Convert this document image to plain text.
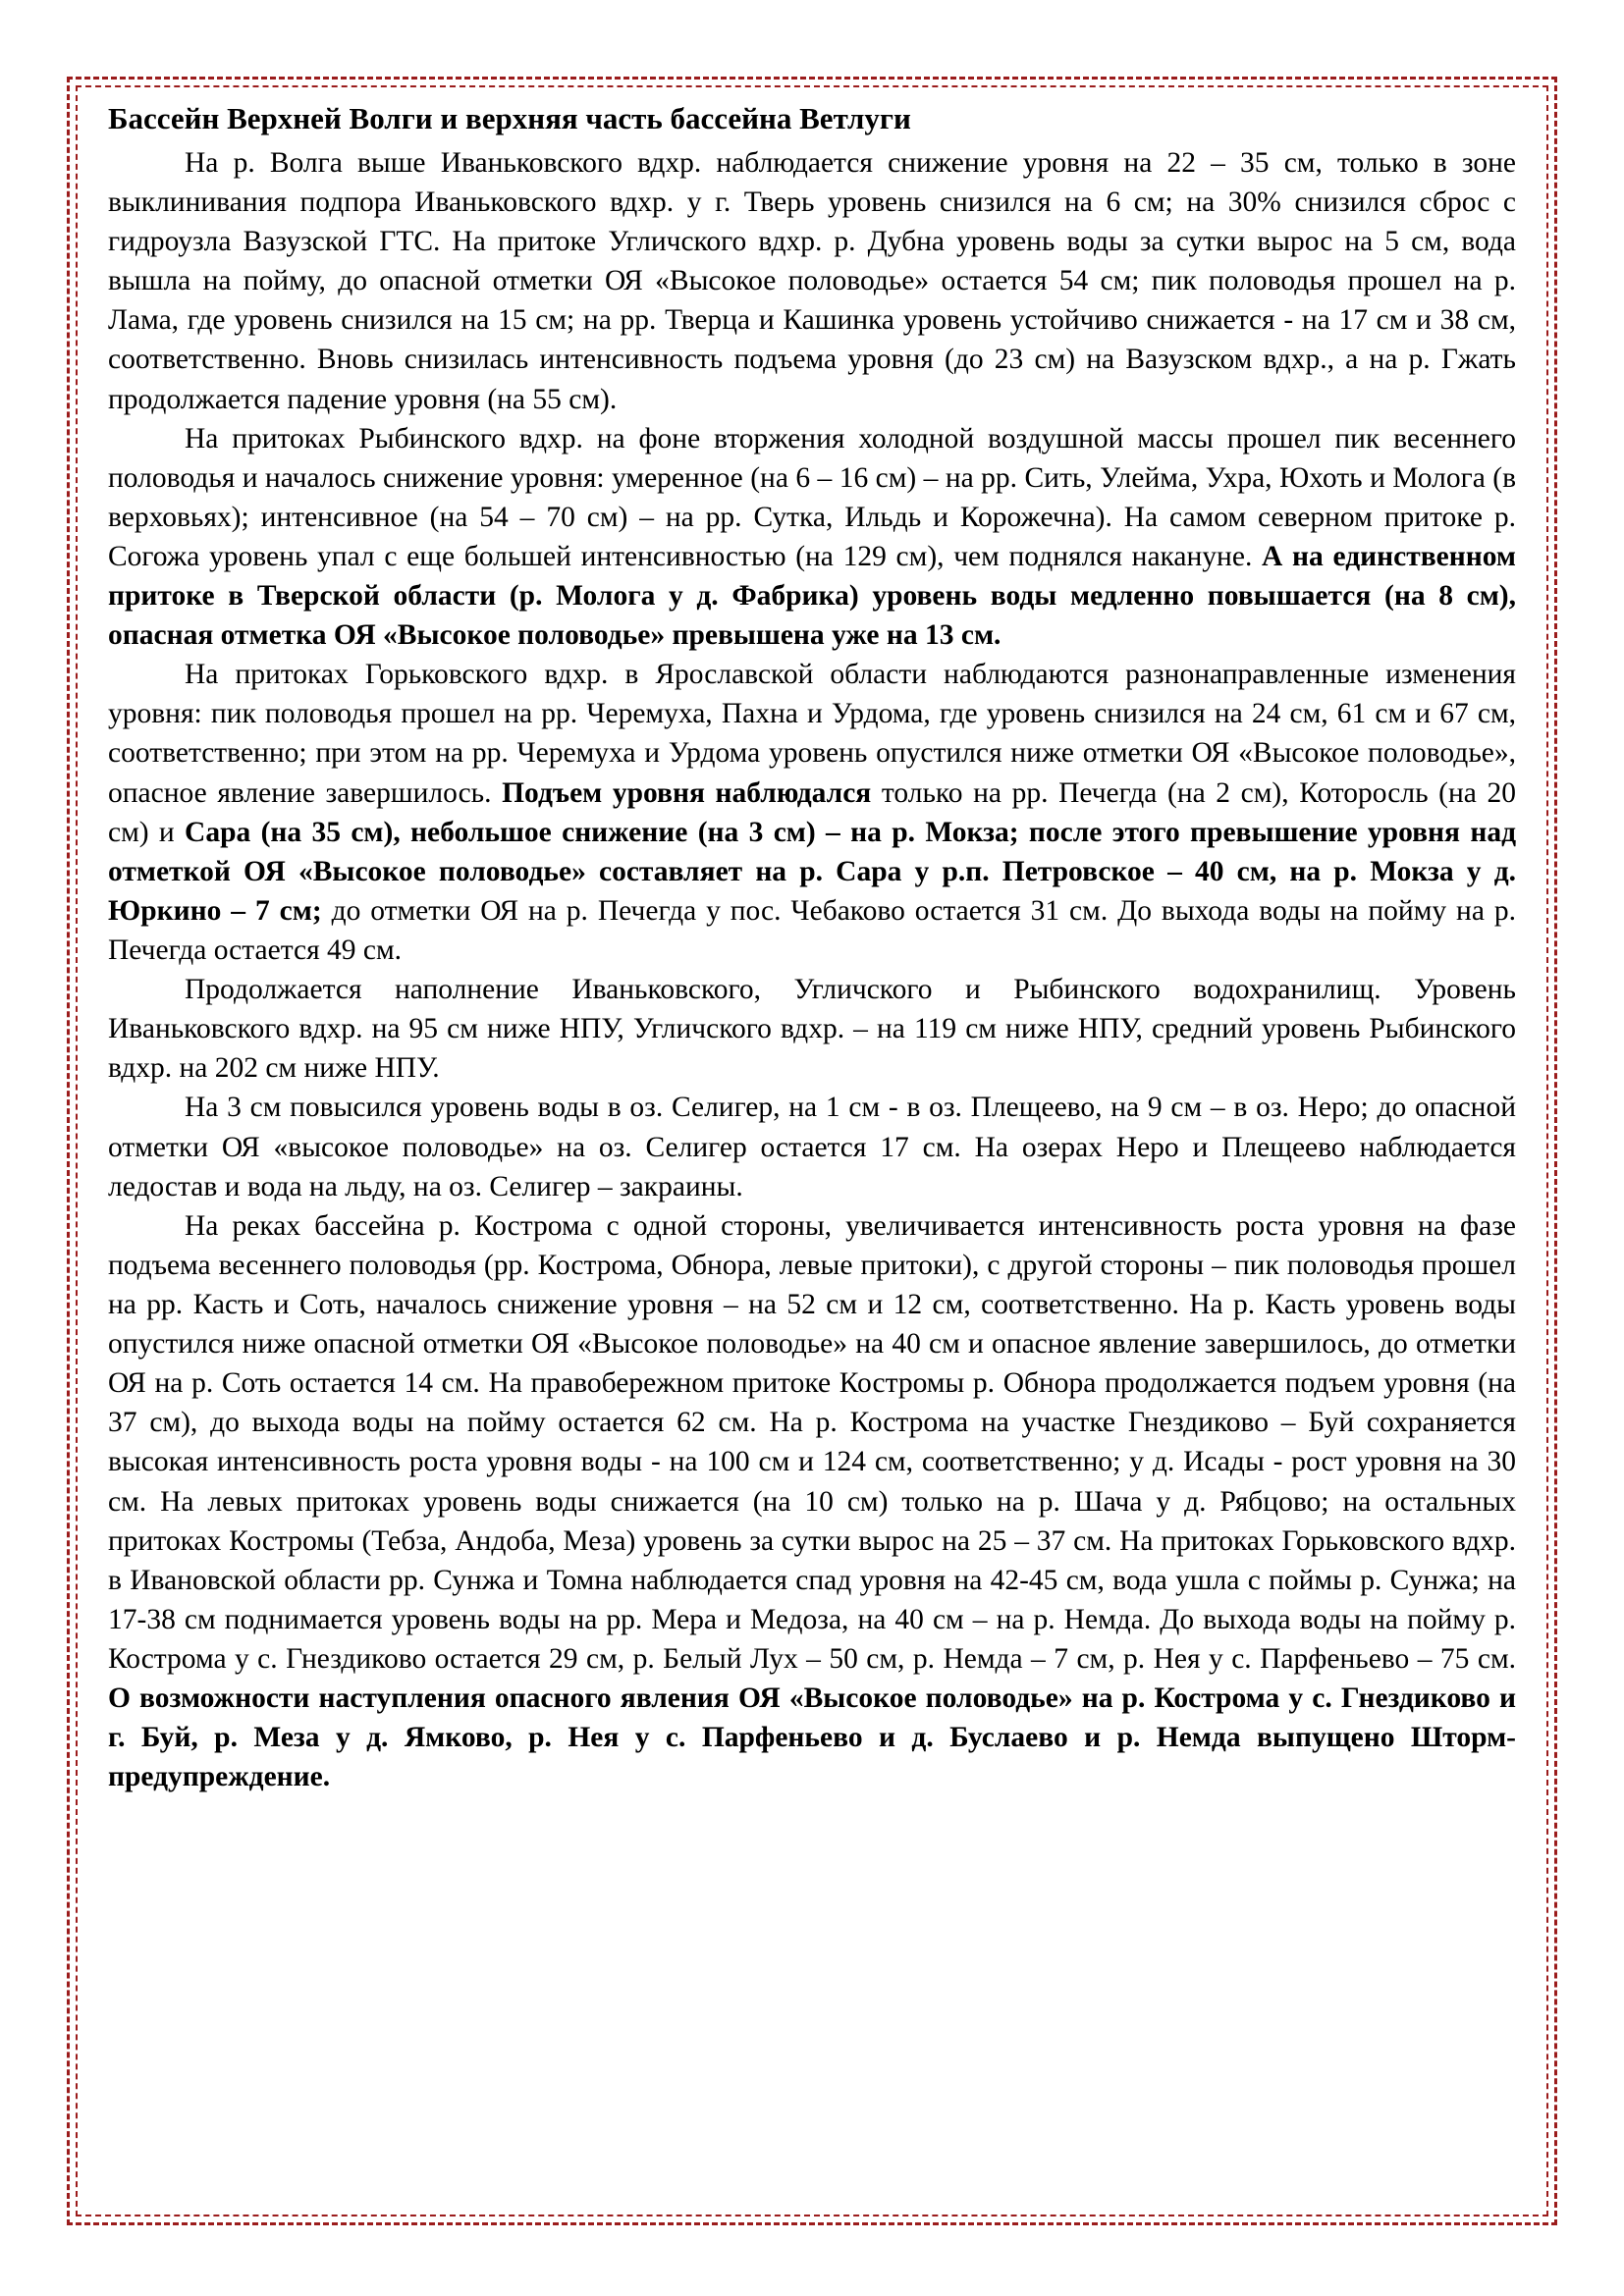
Бассейн Верхней Волги и верхняя часть бассейна Ветлуги

На р. Волга выше Иваньковского вдхр. наблюдается снижение уровня на 22 – 35 см, только в зоне выклинивания подпора Иваньковского вдхр. у г. Тверь уровень снизился на 6 см; на 30% снизился сброс с гидроузла Вазузской ГТС. На притоке Угличского вдхр. р. Дубна уровень воды за сутки вырос на 5 см, вода вышла на пойму, до опасной отметки ОЯ «Высокое половодье» остается 54 см; пик половодья прошел на р. Лама, где уровень снизился на 15 см; на рр. Тверца и Кашинка уровень устойчиво снижается - на 17 см и 38 см, соответственно. Вновь снизилась интенсивность подъема уровня (до 23 см) на Вазузском вдхр., а на р. Гжать продолжается падение уровня (на 55 см).

На притоках Рыбинского вдхр. на фоне вторжения холодной воздушной массы прошел пик весеннего половодья и началось снижение уровня: умеренное (на 6 – 16 см) – на рр. Сить, Улейма, Ухра, Юхоть и Молога (в верховьях); интенсивное (на 54 – 70 см) – на рр. Сутка, Ильдь и Корожечна). На самом северном притоке р. Согожа уровень упал с еще большей интенсивностью (на 129 см), чем поднялся накануне. А на единственном притоке в Тверской области (р. Молога у д. Фабрика) уровень воды медленно повышается (на 8 см), опасная отметка ОЯ «Высокое половодье» превышена уже на 13 см.

На притоках Горьковского вдхр. в Ярославской области наблюдаются разнонаправленные изменения уровня: пик половодья прошел на рр. Черемуха, Пахна и Урдома, где уровень снизился на 24 см, 61 см и 67 см, соответственно; при этом на рр. Черемуха и Урдома уровень опустился ниже отметки ОЯ «Высокое половодье», опасное явление завершилось. Подъем уровня наблюдался только на рр. Печегда (на 2 см), Которосль (на 20 см) и Сара (на 35 см), небольшое снижение (на 3 см) – на р. Мокза; после этого превышение уровня над отметкой ОЯ «Высокое половодье» составляет на р. Сара у р.п. Петровское – 40 см, на р. Мокза у д. Юркино – 7 см; до отметки ОЯ на р. Печегда у пос. Чебаково остается 31 см. До выхода воды на пойму на р. Печегда остается 49 см.

Продолжается наполнение Иваньковского, Угличского и Рыбинского водохранилищ. Уровень Иваньковского вдхр. на 95 см ниже НПУ, Угличского вдхр. – на 119 см ниже НПУ, средний уровень Рыбинского вдхр. на 202 см ниже НПУ.

На 3 см повысился уровень воды в оз. Селигер, на 1 см - в оз. Плещеево, на 9 см – в оз. Неро; до опасной отметки ОЯ «высокое половодье» на оз. Селигер остается 17 см. На озерах Неро и Плещеево наблюдается ледостав и вода на льду, на оз. Селигер – закраины.

На реках бассейна р. Кострома с одной стороны, увеличивается интенсивность роста уровня на фазе подъема весеннего половодья (рр. Кострома, Обнора, левые притоки), с другой стороны – пик половодья прошел на рр. Касть и Соть, началось снижение уровня – на 52 см и 12 см, соответственно. На р. Касть уровень воды опустился ниже опасной отметки ОЯ «Высокое половодье» на 40 см и опасное явление завершилось, до отметки ОЯ на р. Соть остается 14 см. На правобережном притоке Костромы р. Обнора продолжается подъем уровня (на 37 см), до выхода воды на пойму остается 62 см. На р. Кострома на участке Гнездиково – Буй сохраняется высокая интенсивность роста уровня воды - на 100 см и 124 см, соответственно; у д. Исады - рост уровня на 30 см. На левых притоках уровень воды снижается (на 10 см) только на р. Шача у д. Рябцово; на остальных притоках Костромы (Тебза, Андоба, Меза) уровень за сутки вырос на 25 – 37 см. На притоках Горьковского вдхр. в Ивановской области рр. Сунжа и Томна наблюдается спад уровня на 42-45 см, вода ушла с поймы р. Сунжа; на 17-38 см поднимается уровень воды на рр. Мера и Медоза, на 40 см – на р. Немда. До выхода воды на пойму р. Кострома у с. Гнездиково остается 29 см, р. Белый Лух – 50 см, р. Немда – 7 см, р. Нея у с. Парфеньево – 75 см. О возможности наступления опасного явления ОЯ «Высокое половодье» на р. Кострома у с. Гнездиково и г. Буй, р. Меза у д. Ямково, р. Нея у с. Парфеньево и д. Буслаево и р. Немда выпущено Шторм-предупреждение.
